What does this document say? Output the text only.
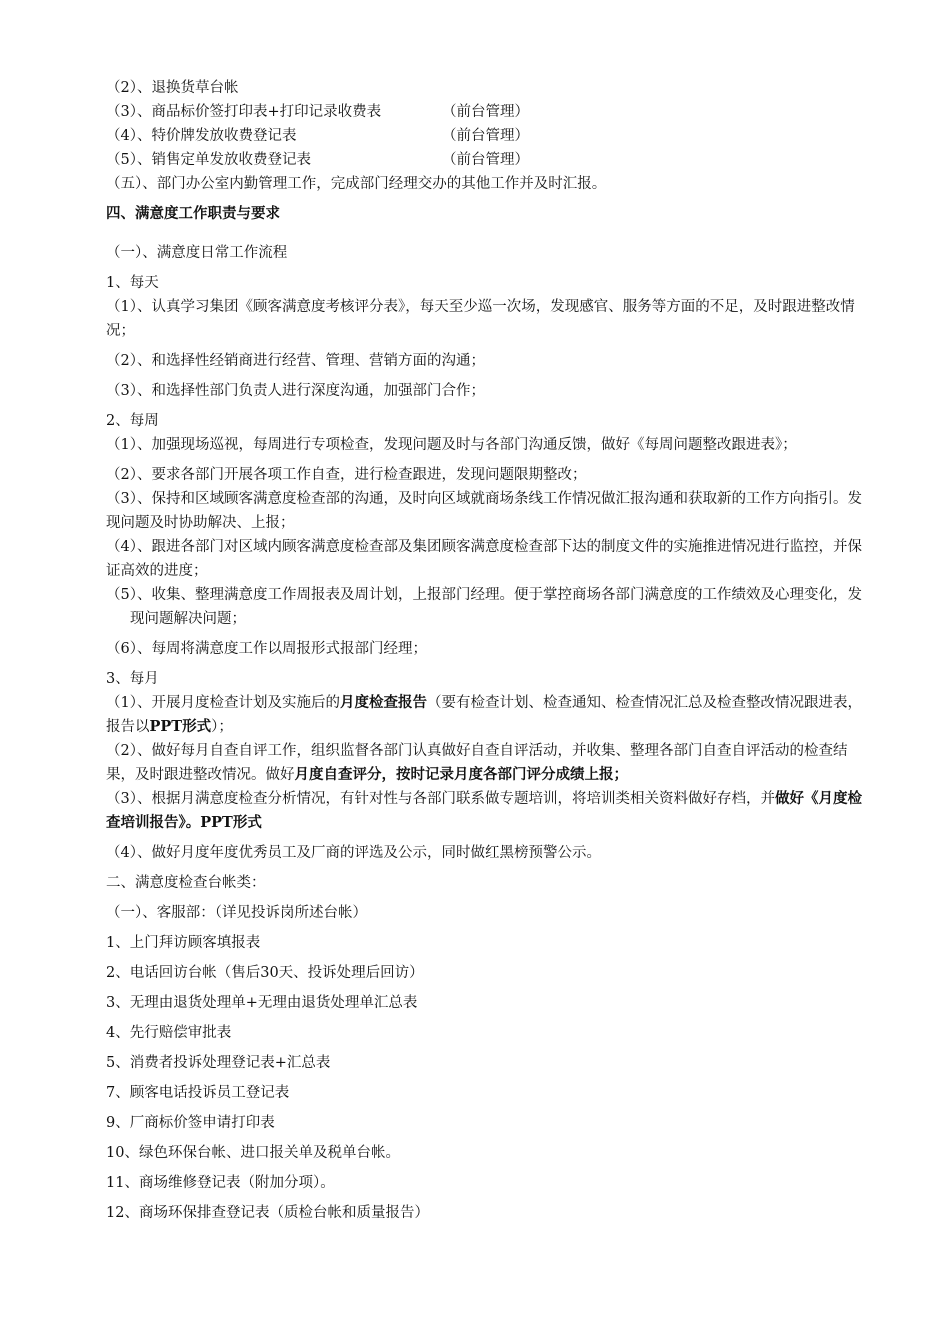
（2）、退换货草台帐

（3）、商品标价签打印表+打印记录收费表	（前台管理）

（4）、特价牌发放收费登记表	（前台管理）

（5）、销售定单发放收费登记表	（前台管理）

（五）、部门办公室内勤管理工作，完成部门经理交办的其他工作并及时汇报。

四、满意度工作职责与要求

（一）、满意度日常工作流程

1、每天

（1）、认真学习集团《顾客满意度考核评分表》，每天至少巡一次场，发现感官、服务等方面的不足，及时跟进整改情况；

（2）、和选择性经销商进行经营、管理、营销方面的沟通；

（3）、和选择性部门负责人进行深度沟通，加强部门合作；

2、每周

（1）、加强现场巡视，每周进行专项检查，发现问题及时与各部门沟通反馈，做好《每周问题整改跟进表》；

（2）、要求各部门开展各项工作自查，进行检查跟进，发现问题限期整改；

（3）、保持和区域顾客满意度检查部的沟通，及时向区域就商场条线工作情况做汇报沟通和获取新的工作方向指引。发现问题及时协助解决、上报；

（4）、跟进各部门对区域内顾客满意度检查部及集团顾客满意度检查部下达的制度文件的实施推进情况进行监控，并保证高效的进度；

（5）、收集、整理满意度工作周报表及周计划，上报部门经理。便于掌控商场各部门满意度的工作绩效及心理变化，发现问题解决问题；

（6）、每周将满意度工作以周报形式报部门经理；

3、每月

（1）、开展月度检查计划及实施后的月度检查报告（要有检查计划、检查通知、检查情况汇总及检查整改情况跟进表，报告以PPT形式）；

（2）、做好每月自查自评工作，组织监督各部门认真做好自查自评活动，并收集、整理各部门自查自评活动的检查结果，及时跟进整改情况。做好月度自查评分，按时记录月度各部门评分成绩上报；

（3）、根据月满意度检查分析情况，有针对性与各部门联系做专题培训，将培训类相关资料做好存档，并做好《月度检查培训报告》。PPT形式

（4）、做好月度年度优秀员工及厂商的评选及公示，同时做红黑榜预警公示。

二、满意度检查台帐类：

（一）、客服部：（详见投诉岗所述台帐）

1、上门拜访顾客填报表

2、电话回访台帐（售后30天、投诉处理后回访）

3、无理由退货处理单+无理由退货处理单汇总表

4、先行赔偿审批表

5、消费者投诉处理登记表+汇总表

7、顾客电话投诉员工登记表

9、厂商标价签申请打印表

10、绿色环保台帐、进口报关单及税单台帐。

11、商场维修登记表（附加分项）。

12、商场环保排查登记表（质检台帐和质量报告）
